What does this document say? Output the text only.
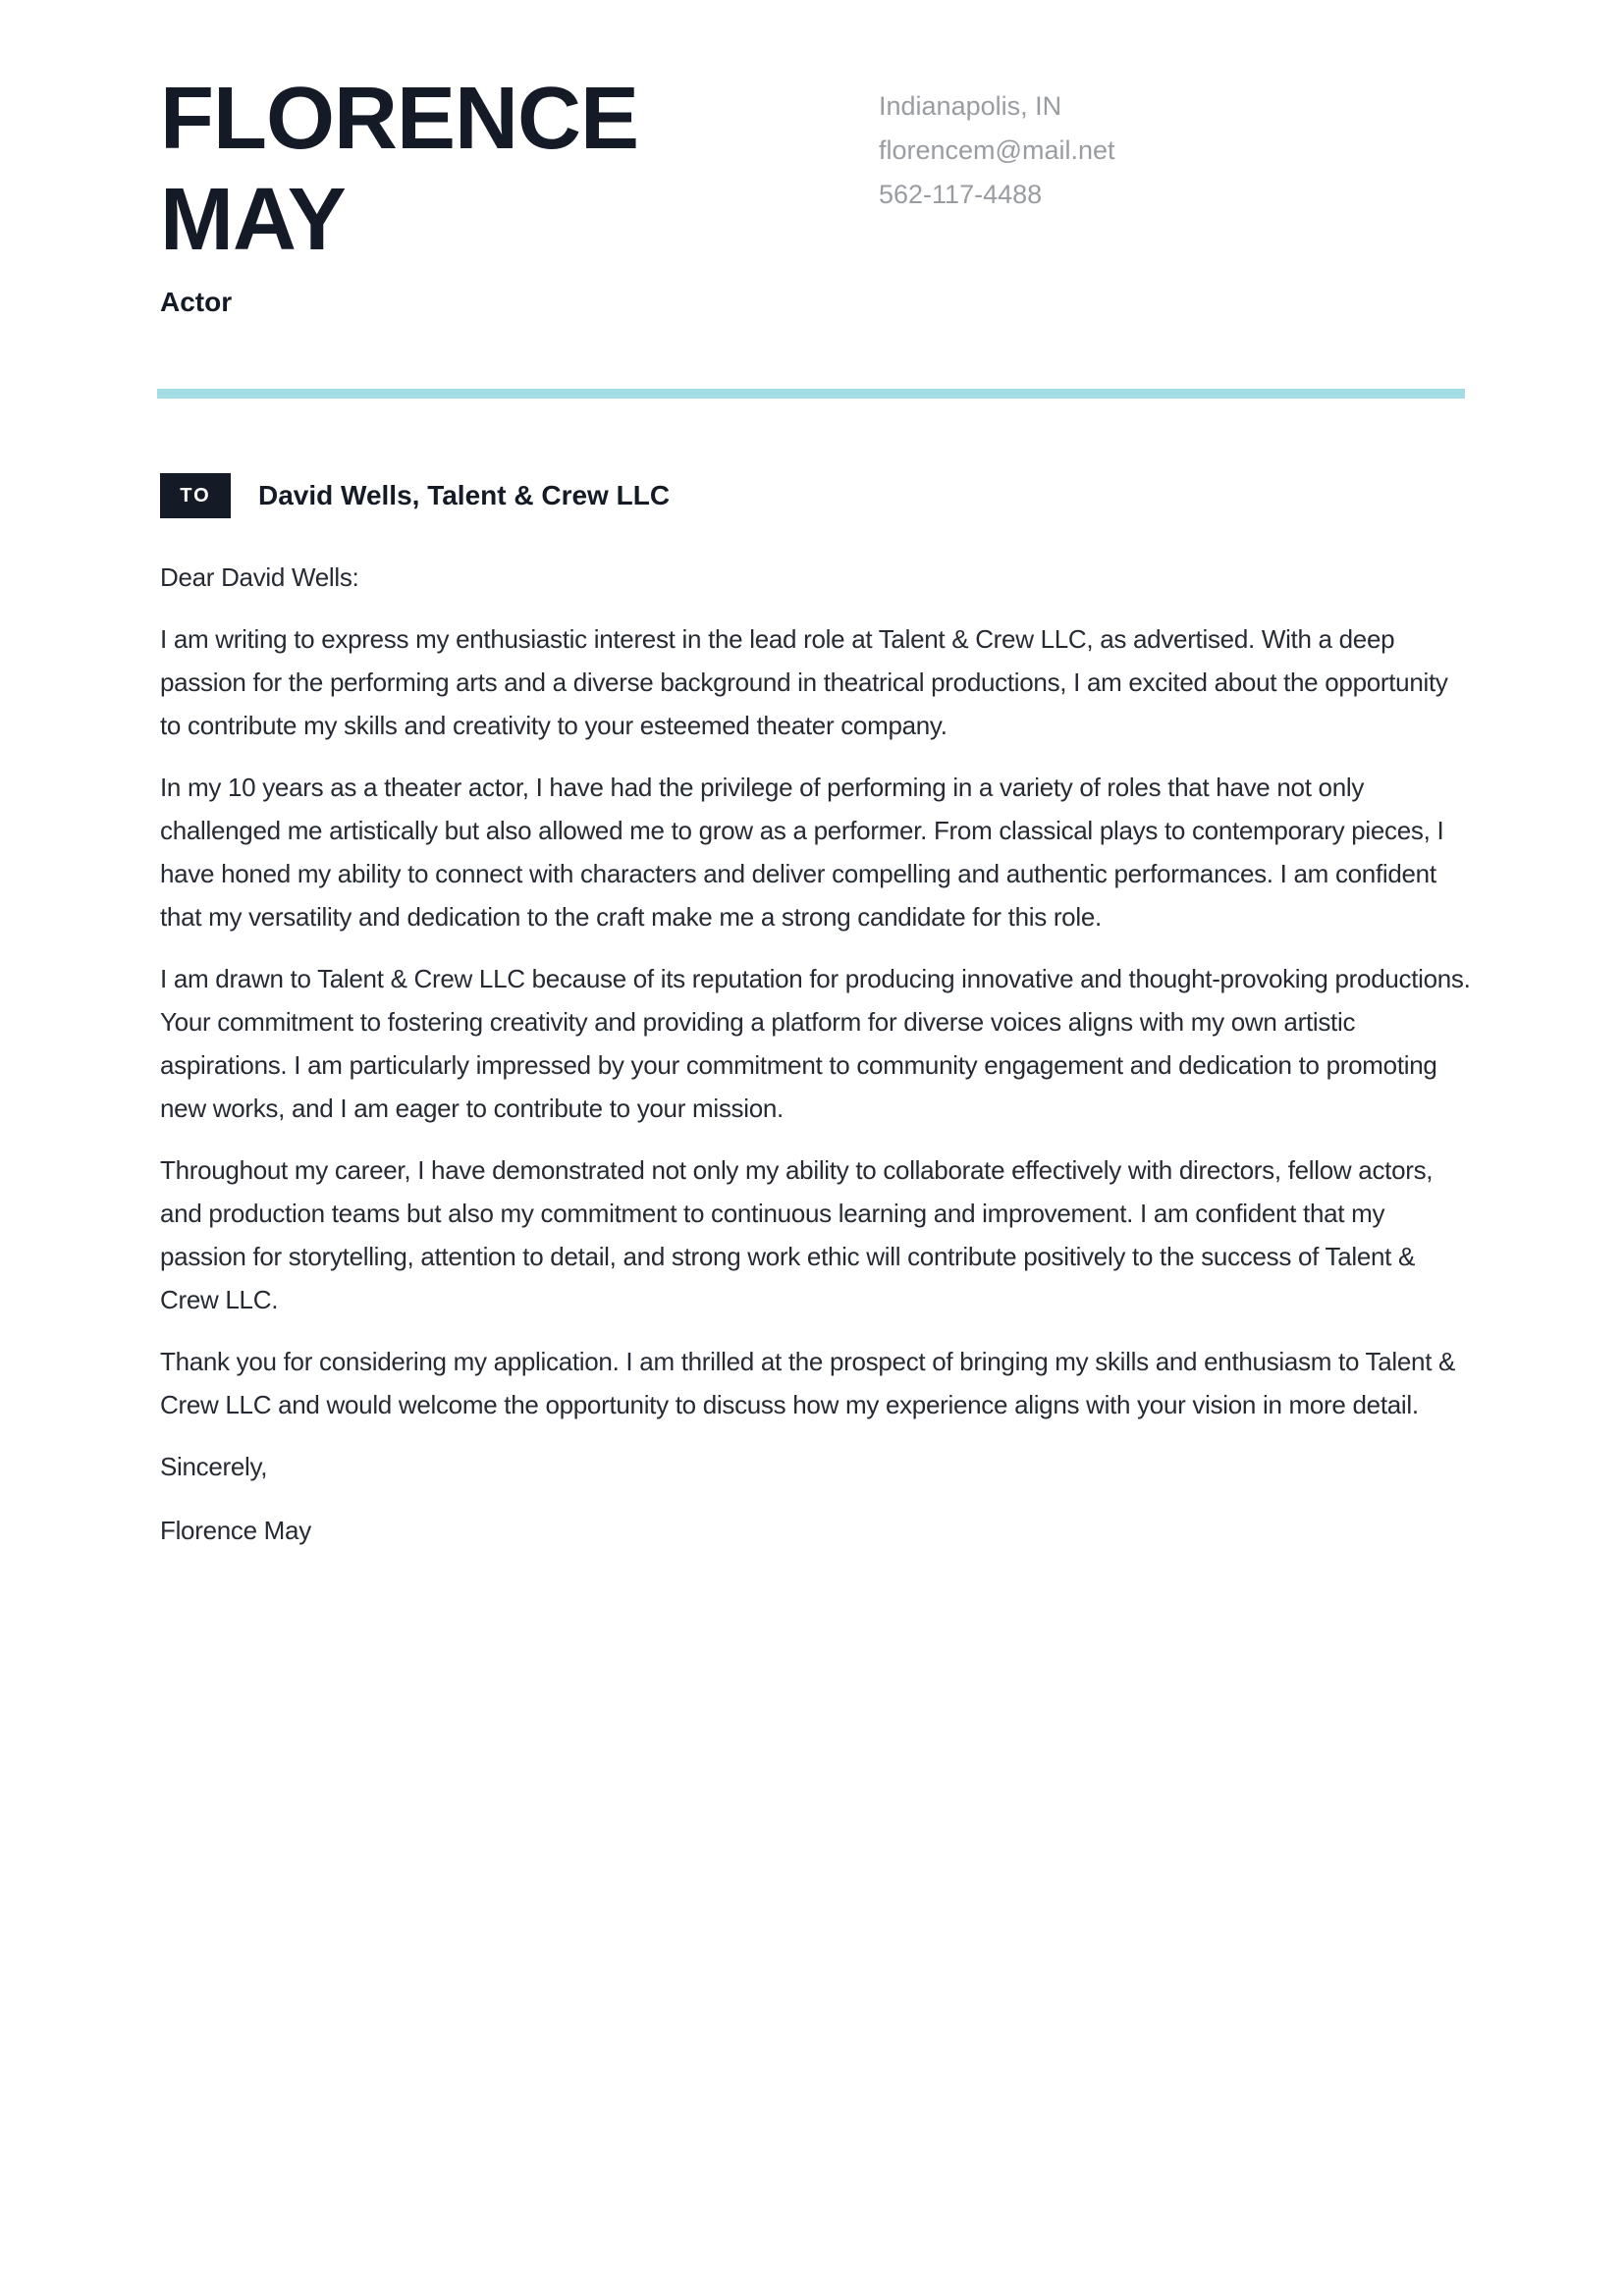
FLORENCE
MAY
Indianapolis, IN
florencem@mail.net
562-117-4488
Actor
TO	David Wells, Talent & Crew LLC

Dear David Wells:

I am writing to express my enthusiastic interest in the lead role at Talent & Crew LLC, as advertised. With a deep passion for the performing arts and a diverse background in theatrical productions, I am excited about the opportunity to contribute my skills and creativity to your esteemed theater company.

In my 10 years as a theater actor, I have had the privilege of performing in a variety of roles that have not only challenged me artistically but also allowed me to grow as a performer. From classical plays to contemporary pieces, I have honed my ability to connect with characters and deliver compelling and authentic performances. I am confident that my versatility and dedication to the craft make me a strong candidate for this role.

I am drawn to Talent & Crew LLC because of its reputation for producing innovative and thought-provoking productions. Your commitment to fostering creativity and providing a platform for diverse voices aligns with my own artistic aspirations. I am particularly impressed by your commitment to community engagement and dedication to promoting new works, and I am eager to contribute to your mission.

Throughout my career, I have demonstrated not only my ability to collaborate effectively with directors, fellow actors, and production teams but also my commitment to continuous learning and improvement. I am confident that my passion for storytelling, attention to detail, and strong work ethic will contribute positively to the success of Talent & Crew LLC.

Thank you for considering my application. I am thrilled at the prospect of bringing my skills and enthusiasm to Talent & Crew LLC and would welcome the opportunity to discuss how my experience aligns with your vision in more detail.

Sincerely,

Florence May
